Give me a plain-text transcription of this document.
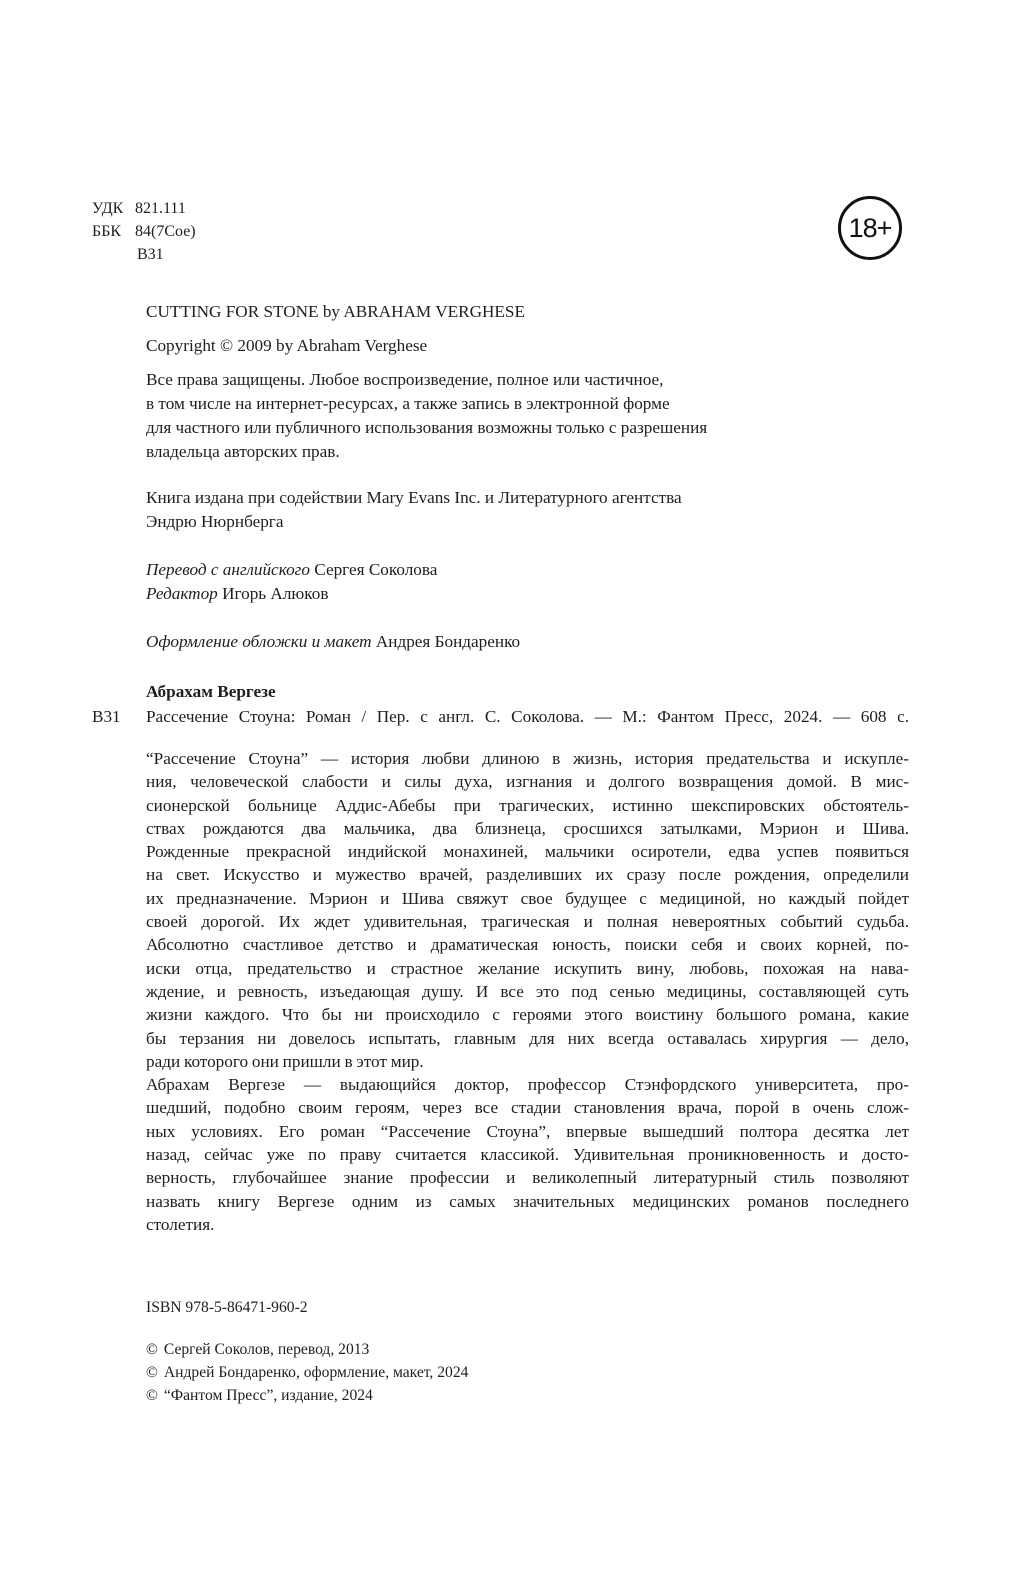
УДК 821.111
ББК 84(7Сое)
В31
18+
CUTTING FOR STONE by ABRAHAM VERGHESE
Copyright © 2009 by Abraham Verghese
Все права защищены. Любое воспроизведение, полное или частичное,
в том числе на интернет-ресурсах, а также запись в электронной форме
для частного или публичного использования возможны только с разрешения
владельца авторских прав.
Книга издана при содействии Mary Evans Inc. и Литературного агентства
Эндрю Нюрнберга
Перевод с английского Сергея Соколова
Редактор Игорь Алюков
Оформление обложки и макет Андрея Бондаренко
Абрахам Вергезе
В31 Рассечение Стоуна: Роман / Пер. с англ. С. Соколова. — М.: Фантом Пресс, 2024. — 608 с.
“Рассечение Стоуна” — история любви длиною в жизнь, история предательства и искупле-
ния, человеческой слабости и силы духа, изгнания и долгого возвращения домой. В мис-
сионерской больнице Аддис-Абебы при трагических, истинно шекспировских обстоятель-
ствах рождаются два мальчика, два близнеца, сросшихся затылками, Мэрион и Шива.
Рожденные прекрасной индийской монахиней, мальчики осиротели, едва успев появиться
на свет. Искусство и мужество врачей, разделивших их сразу после рождения, определили
их предназначение. Мэрион и Шива свяжут свое будущее с медициной, но каждый пойдет
своей дорогой. Их ждет удивительная, трагическая и полная невероятных событий судьба.
Абсолютно счастливое детство и драматическая юность, поиски себя и своих корней, по-
иски отца, предательство и страстное желание искупить вину, любовь, похожая на нава-
ждение, и ревность, изъедающая душу. И все это под сенью медицины, составляющей суть
жизни каждого. Что бы ни происходило с героями этого воистину большого романа, какие
бы терзания ни довелось испытать, главным для них всегда оставалась хирургия — дело,
ради которого они пришли в этот мир.
Абрахам Вергезе — выдающийся доктор, профессор Стэнфордского университета, про-
шедший, подобно своим героям, через все стадии становления врача, порой в очень слож-
ных условиях. Его роман “Рассечение Стоуна”, впервые вышедший полтора десятка лет
назад, сейчас уже по праву считается классикой. Удивительная проникновенность и досто-
верность, глубочайшее знание профессии и великолепный литературный стиль позволяют
назвать книгу Вергезе одним из самых значительных медицинских романов последнего
столетия.
ISBN 978-5-86471-960-2
© Сергей Соколов, перевод, 2013
© Андрей Бондаренко, оформление, макет, 2024
© “Фантом Пресс”, издание, 2024
